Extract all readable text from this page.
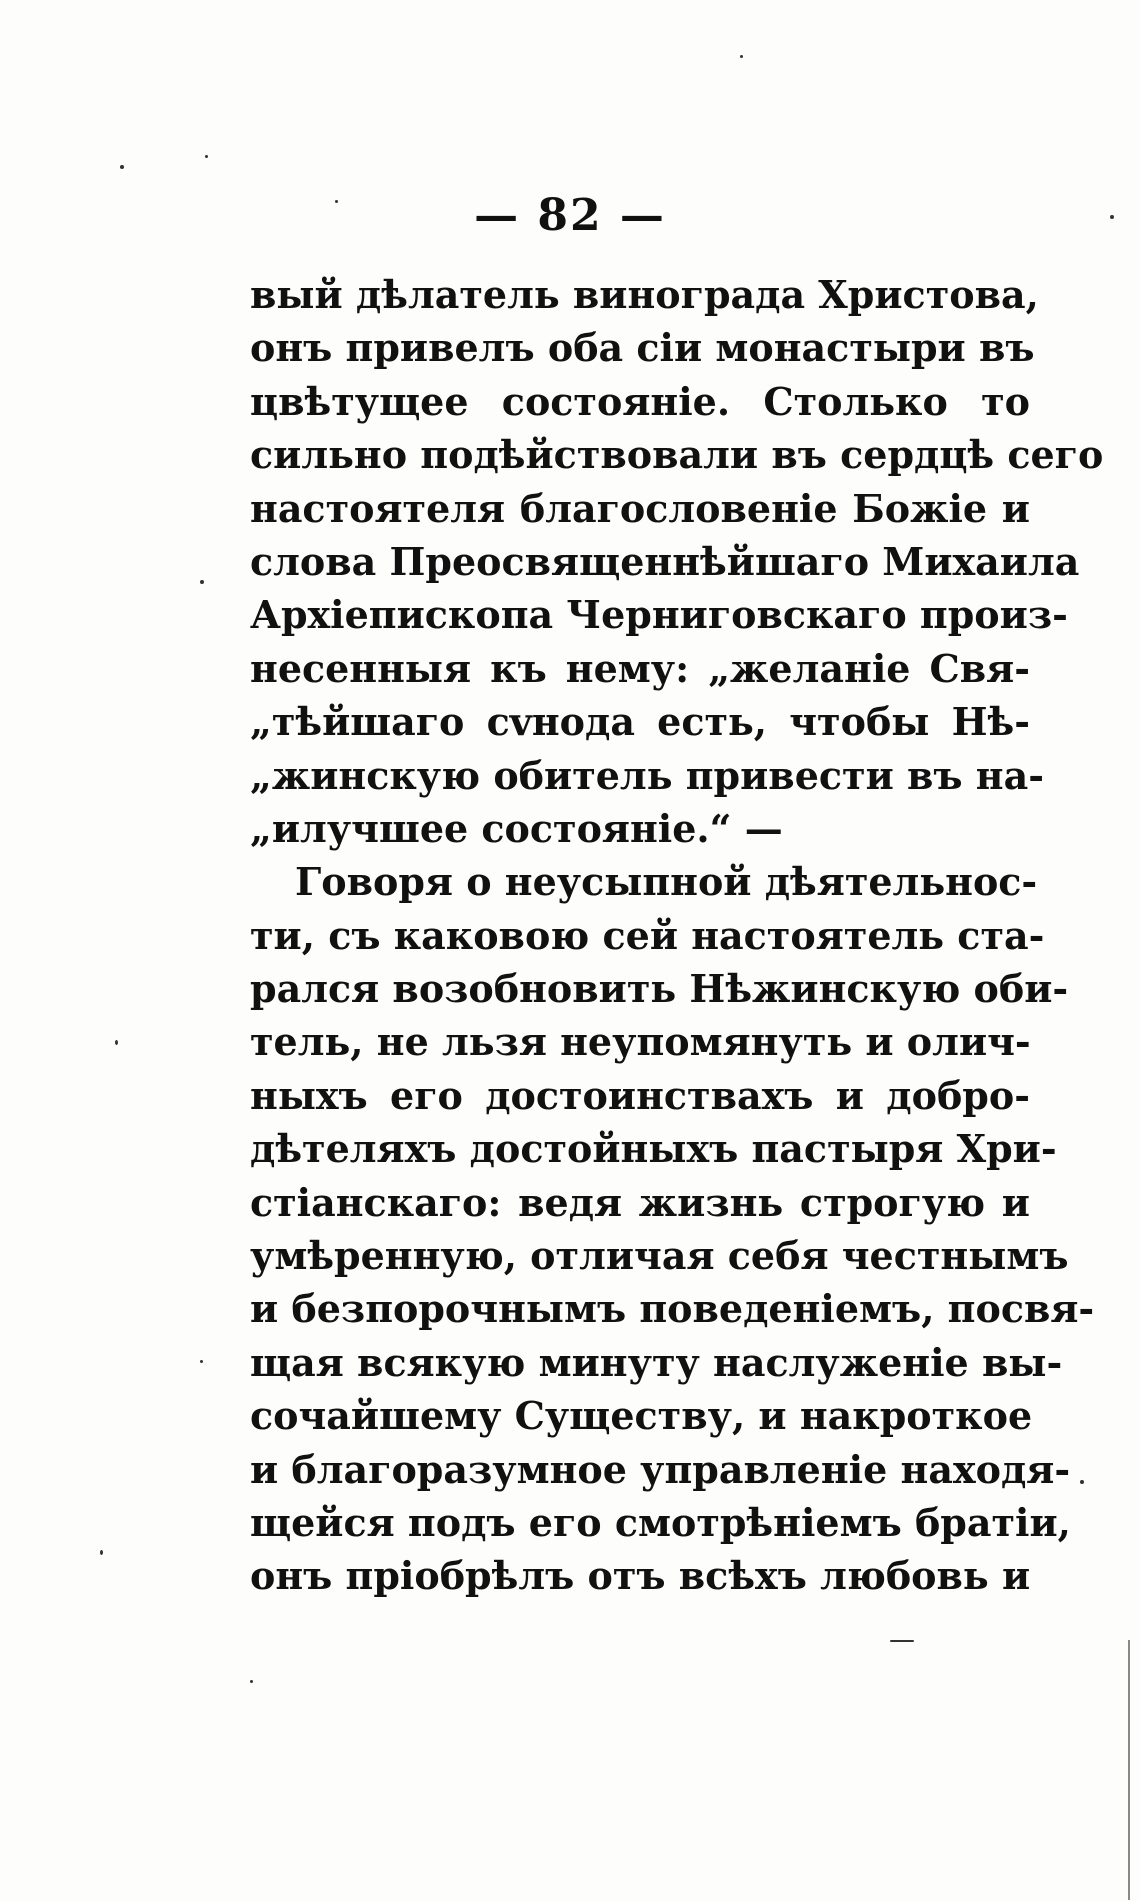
— 82 —
вый дѣлатель винограда Христова,
онъ привелъ оба сіи монастыри въ
цвѣтущее состояніе. Столько то
сильно подѣйствовали въ сердцѣ сего
настоятеля благословеніе Божіе и
слова Преосвященнѣйшаго Михаила
Архіепископа Черниговскаго произ-
несенныя къ нему: „желаніе Свя-
„тѣйшаго сvнода есть, чтобы Нѣ-
„жинскую обитель привести въ на-
„илучшее состояніе.“ —
Говоря о неусыпной дѣятельнос-
ти, съ каковою сей настоятель ста-
рался возобновить Нѣжинскую оби-
тель, не льзя неупомянуть и олич-
ныхъ его достоинствахъ и добро-
дѣтеляхъ достойныхъ пастыря Хри-
стіанскаго: ведя жизнь строгую и
умѣренную, отличая себя честнымъ
и безпорочнымъ поведеніемъ, посвя-
щая всякую минуту наслуженіе вы-
сочайшему Существу, и накроткое
и благоразумное управленіе находя-
щейся подъ его смотрѣніемъ братіи,
онъ пріобрѣлъ отъ всѣхъ любовь и
